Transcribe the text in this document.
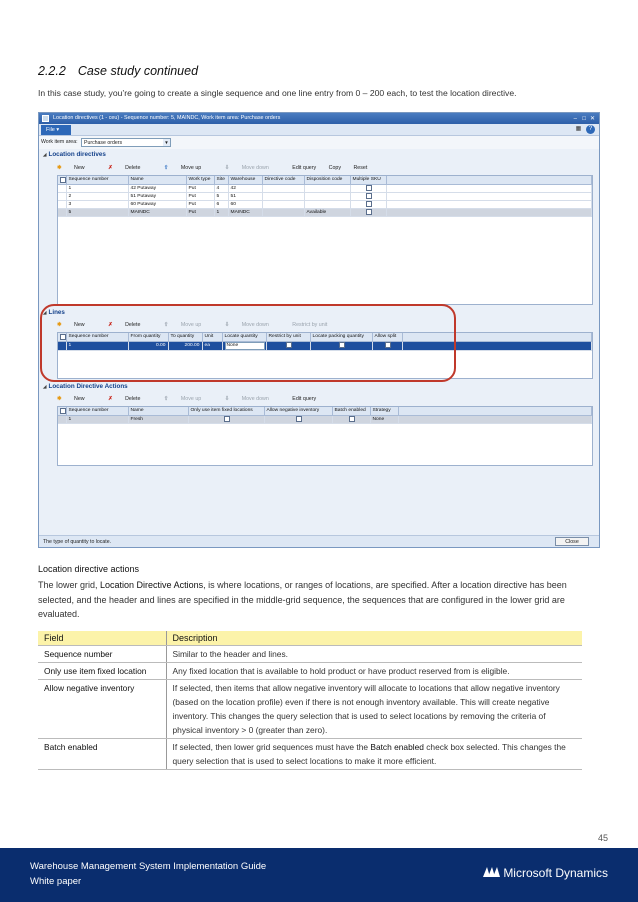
2.2.2 Case study continued
In this case study, you’re going to create a single sequence and one line entry from 0 – 200 each, to test the location directive.
Location directives (1 - ceu) - Sequence number: 5, MAINDC, Work item area: Purchase orders	– □ ✕
File ▾	▦	?
Work item area:	Purchase orders	▼
◢ Location directives
✱ New	✗ Delete	⇧ Move up	⇩ Move down	Edit query Copy Reset
	Sequence number	Name	Work type	Site	Warehouse	Directive code	Disposition code	Multiple SKU	
	1	42 Putaway	Put	4	42				
	2	51 Putaway	Put	5	51				
	3	60 Putaway	Put	6	60				
	5	MAINDC	Put	1	MAINDC		Available		
◢ Lines
✱ New	✗ Delete	⇧ Move up	⇩ Move down	Restrict by unit
	Sequence number	From quantity	To quantity	Unit	Locate quantity	Restrict by unit	Locate packing quantity	Allow split	
	1	0.00	200.00	ea	None				
◢ Location Directive Actions
✱ New	✗ Delete	⇧ Move up	⇩ Move down	Edit query
	Sequence number	Name	Only use item fixed locations	Allow negative inventory	Batch enabled	Strategy	
	1	Fresh				None	
The type of quantity to locate.	Close
Location directive actions
The lower grid, Location Directive Actions, is where locations, or ranges of locations, are specified. After a location directive has been selected, and the header and lines are specified in the middle-grid sequence, the sequences that are configured in the lower grid are evaluated.
Field	Description
Sequence number	Similar to the header and lines.
Only use item fixed location	Any fixed location that is available to hold product or have product reserved from is eligible.
Allow negative inventory	If selected, then items that allow negative inventory will allocate to locations that allow negative inventory (based on the location profile) even if there is not enough inventory available. This will create negative inventory. This changes the query selection that is used to select locations by removing the criteria of physical inventory > 0 (greater than zero).
Batch enabled	If selected, then lower grid sequences must have the Batch enabled check box selected. This changes the query selection that is used to select locations to make it more efficient.
45
Warehouse Management System Implementation Guide
White paper
Microsoft Dynamics
